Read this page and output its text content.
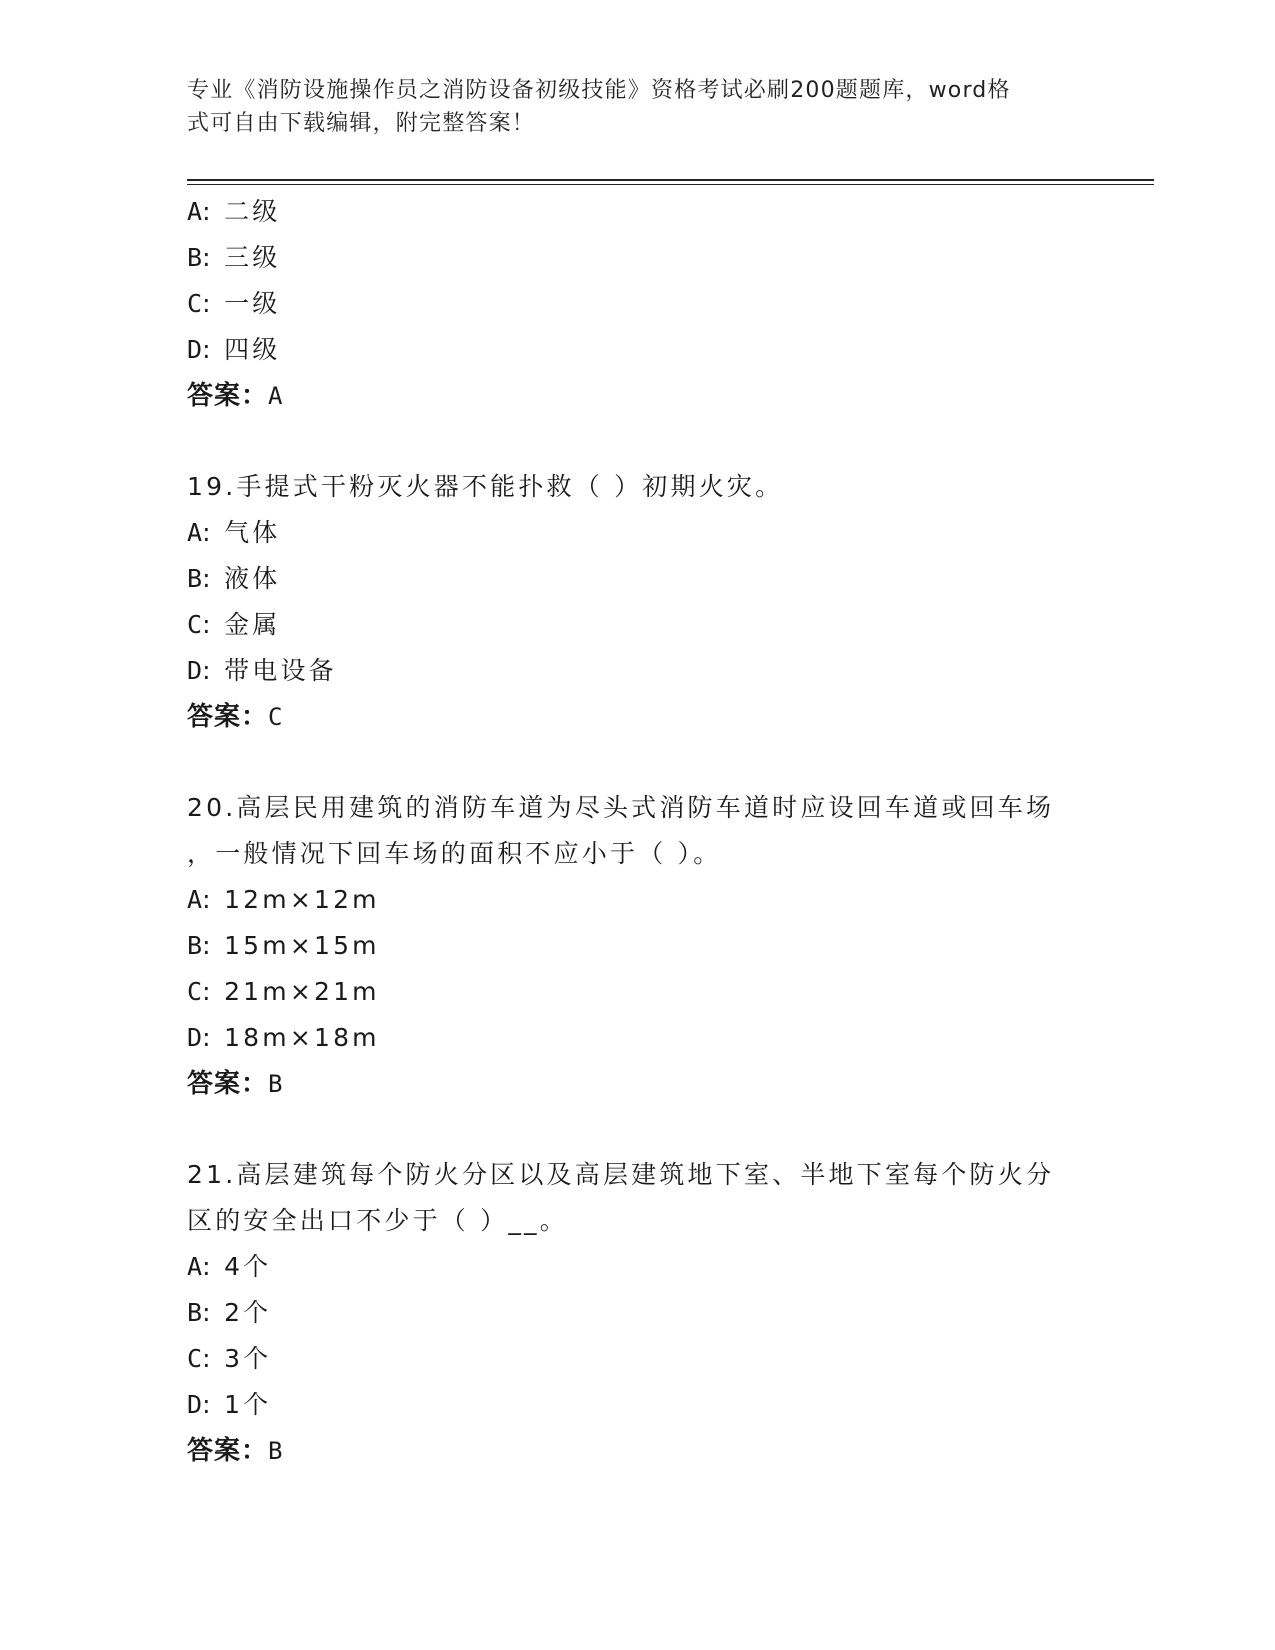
专业《消防设施操作员之消防设备初级技能》资格考试必刷200题题库，word格
式可自由下载编辑，附完整答案！
A: 二级
B: 三级
C: 一级
D: 四级
答案：A
19.手提式干粉灭火器不能扑救（ ）初期火灾。
A: 气体
B: 液体
C: 金属
D: 带电设备
答案：C
20.高层民用建筑的消防车道为尽头式消防车道时应设回车道或回车场
，一般情况下回车场的面积不应小于（ ）。
A: 12m×12m
B: 15m×15m
C: 21m×21m
D: 18m×18m
答案：B
21.高层建筑每个防火分区以及高层建筑地下室、半地下室每个防火分
区的安全出口不少于（ ）__。
A: 4个
B: 2个
C: 3个
D: 1个
答案：B
